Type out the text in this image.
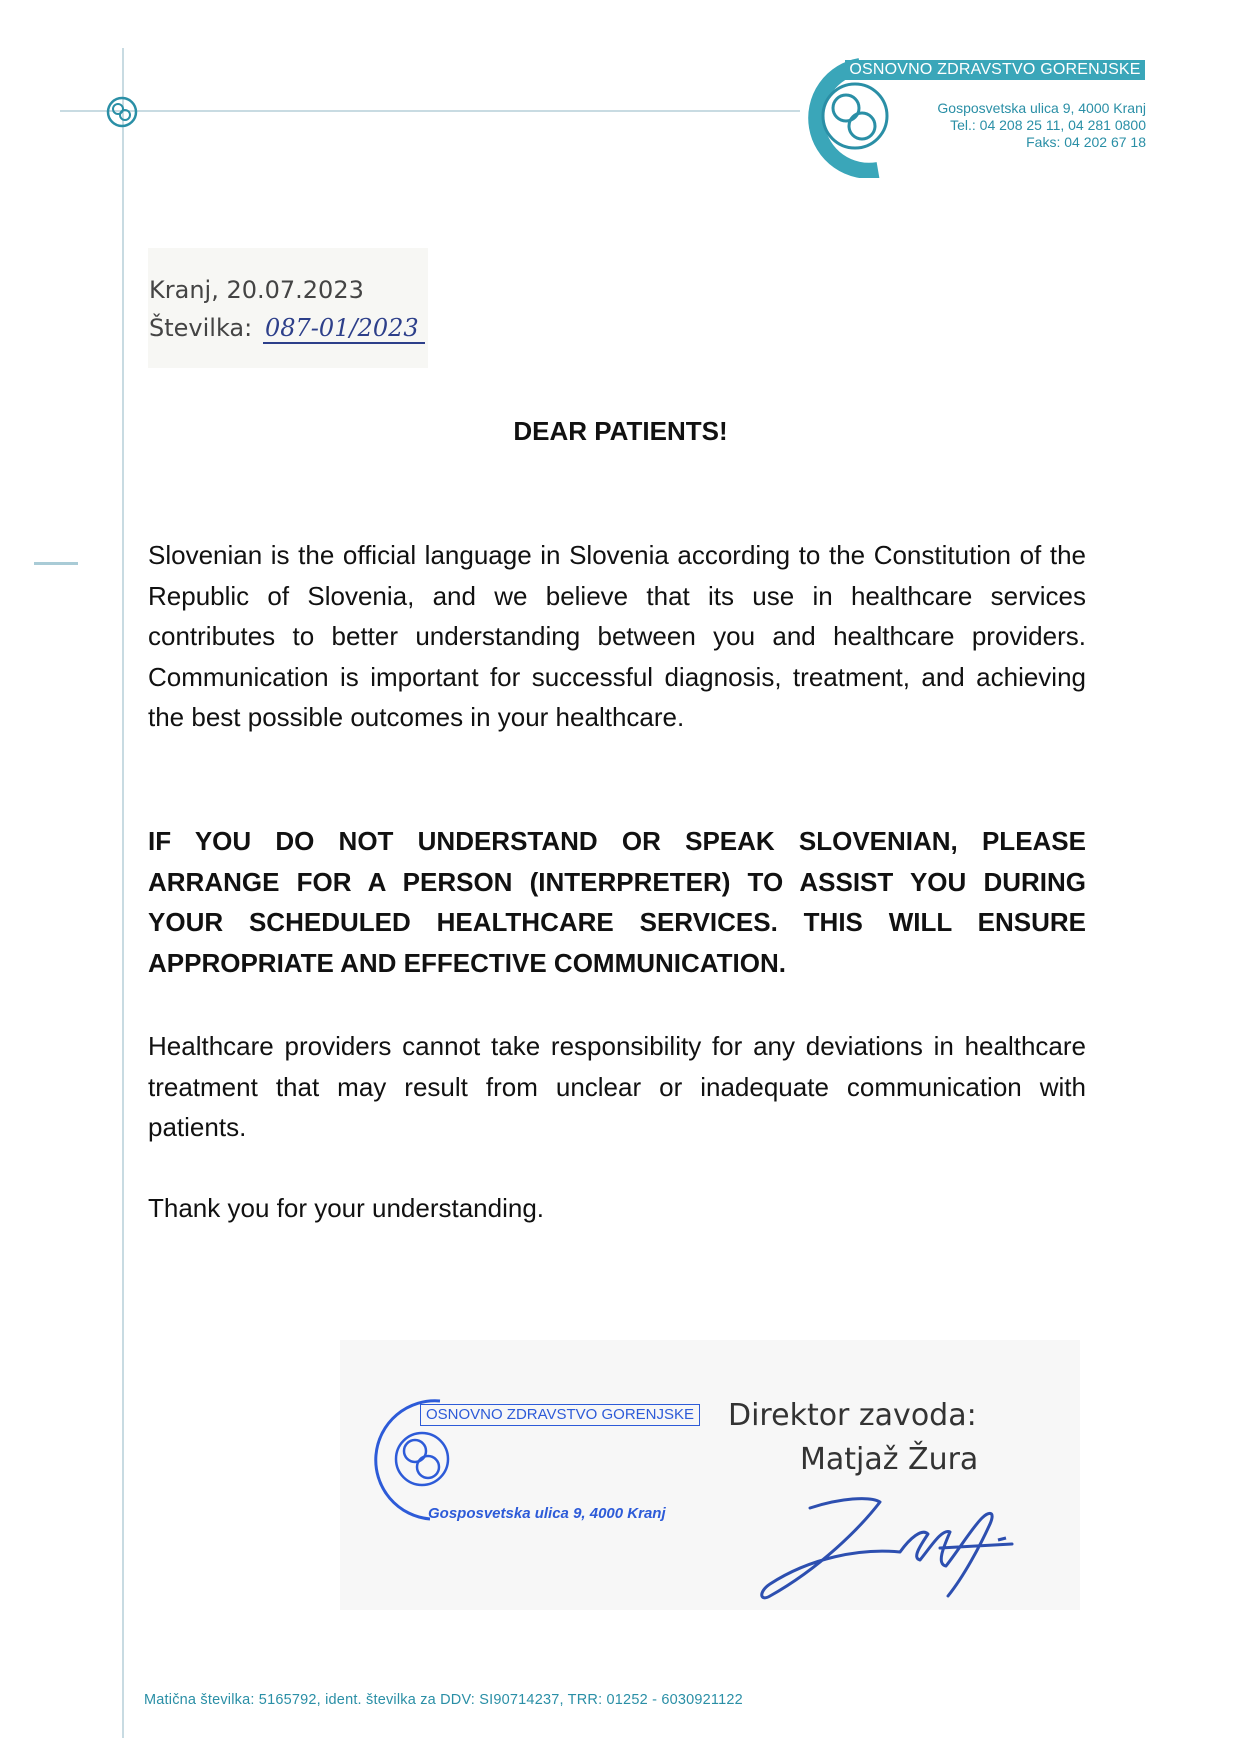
OSNOVNO ZDRAVSTVO GORENJSKE
Gosposvetska ulica 9, 4000 Kranj
Tel.: 04 208 25 11, 04 281 0800
Faks: 04 202 67 18
Kranj, 20.07.2023
Številka: 087-01/2023
DEAR PATIENTS!
Slovenian is the official language in Slovenia according to the Constitution of the Republic of Slovenia, and we believe that its use in healthcare services contributes to better understanding between you and healthcare providers. Communication is important for successful diagnosis, treatment, and achieving the best possible outcomes in your healthcare.
IF YOU DO NOT UNDERSTAND OR SPEAK SLOVENIAN, PLEASE ARRANGE FOR A PERSON (INTERPRETER) TO ASSIST YOU DURING YOUR SCHEDULED HEALTHCARE SERVICES. THIS WILL ENSURE APPROPRIATE AND EFFECTIVE COMMUNICATION.
Healthcare providers cannot take responsibility for any deviations in healthcare treatment that may result from unclear or inadequate communication with patients.
Thank you for your understanding.
OSNOVNO ZDRAVSTVO GORENJSKE
Gosposvetska ulica 9, 4000 Kranj
Direktor zavoda:
Matjaž Žura
Matična številka: 5165792, ident. številka za DDV: SI90714237, TRR: 01252 - 6030921122
